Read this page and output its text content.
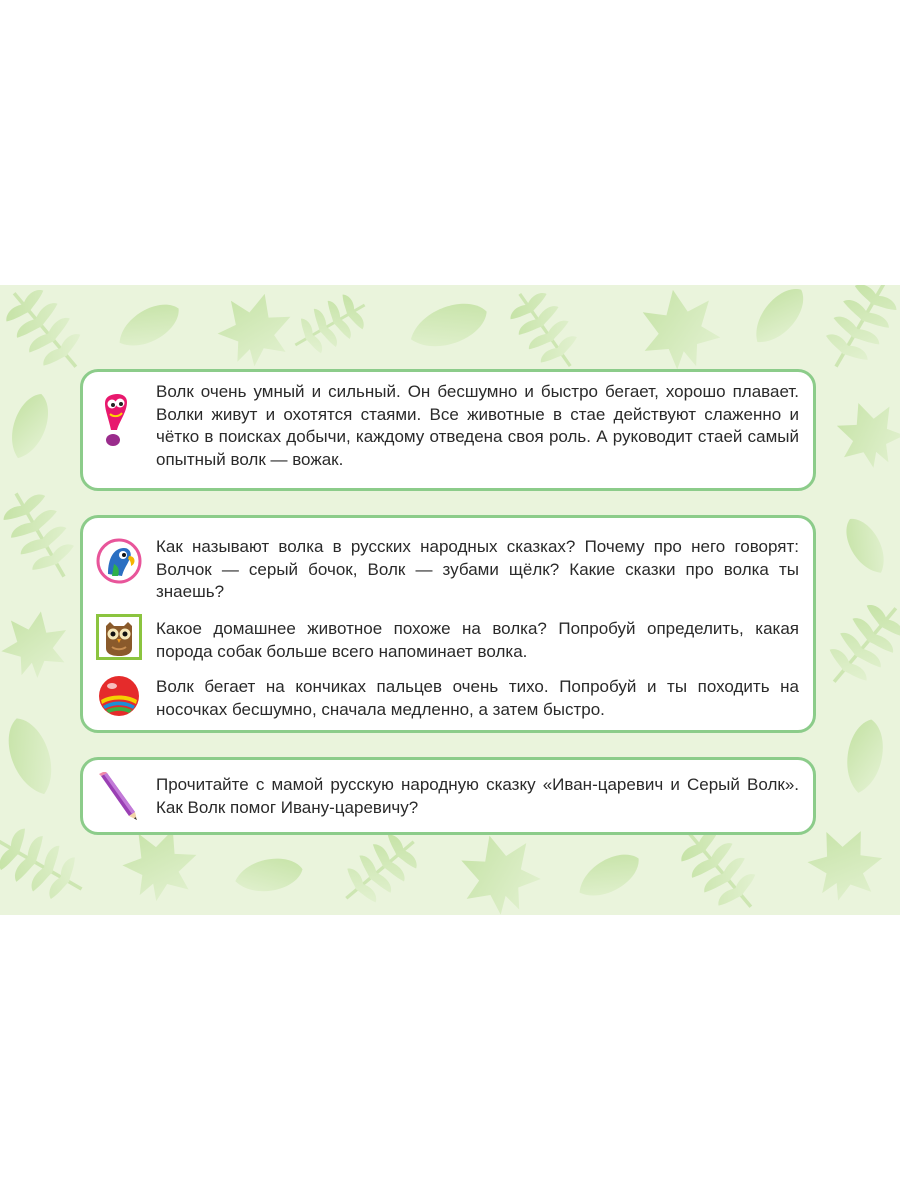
Волк очень умный и сильный. Он бесшумно и быстро бегает, хорошо плавает. Волки живут и охотятся стаями. Все животные в стае действуют слаженно и чётко в поисках добычи, каждому отведена своя роль. А руководит стаей самый опытный волк — вожак.

Как называют волка в русских народных сказках? Почему про него говорят: Волчок — серый бочок, Волк — зубами щёлк? Какие сказки про волка ты знаешь?

Какое домашнее животное похоже на волка? Попробуй определить, какая порода собак больше всего напоминает волка.

Волк бегает на кончиках пальцев очень тихо. Попробуй и ты походить на носочках бесшумно, сначала медленно, а затем быстро.

Прочитайте с мамой русскую народную сказку «Иван-царевич и Серый Волк». Как Волк помог Ивану-царевичу?
